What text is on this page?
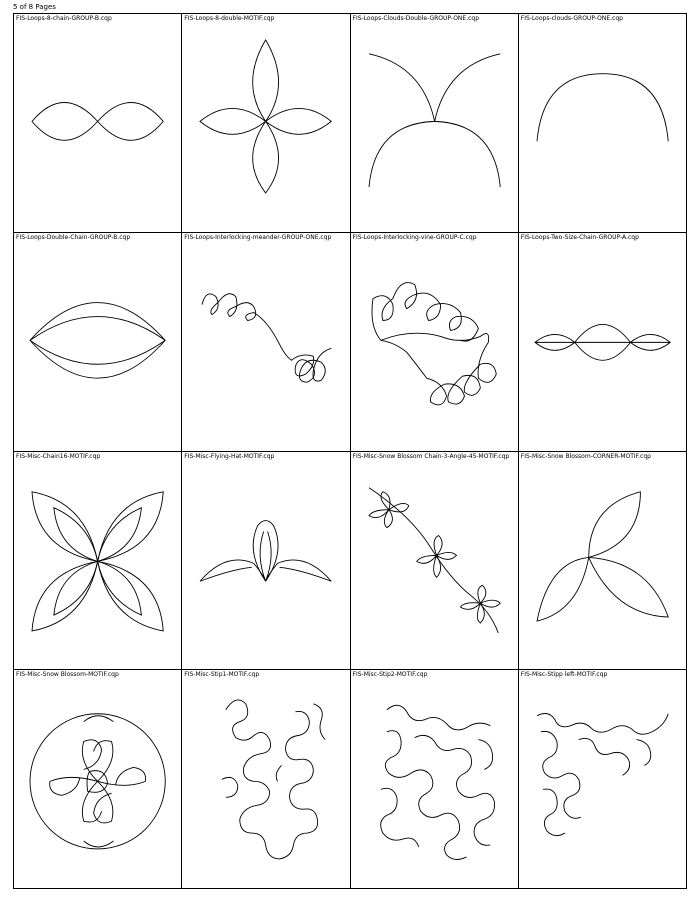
5 of 8 Pages
FIS-Loops-8-chain-GROUP-B.cqp	FIS-Loops-8-double-MOTIF.cqp	FIS-Loops-Clouds-Double-GROUP-ONE.cqp	FIS-Loops-clouds-GROUP-ONE.cqp
FIS-Loops-Double-Chain-GROUP-B.cqp	FIS-Loops-Interlocking-meander-GROUP-ONE.cqp	FIS-Loops-Interlocking-vine-GROUP-C.cqp	FIS-Loops-Two-Size-Chain-GROUP-A.cqp
FIS-Misc-Chain16-MOTIF.cqp	FIS-Misc-Flying-Hat-MOTIF.cqp	FIS-Misc-Snow Blossom Chain-3-Angle-45-MOTIF.cqp FIS-Misc-Snow Blossom-CORNER-MOTIF.cqp
FIS-Misc-Snow Blossom-MOTIF.cqp	FIS-Misc-Stip1-MOTIF.cqp	FIS-Misc-Stip2-MOTIF.cqp	FIS-Misc-Stipp left-MOTIF.cqp
